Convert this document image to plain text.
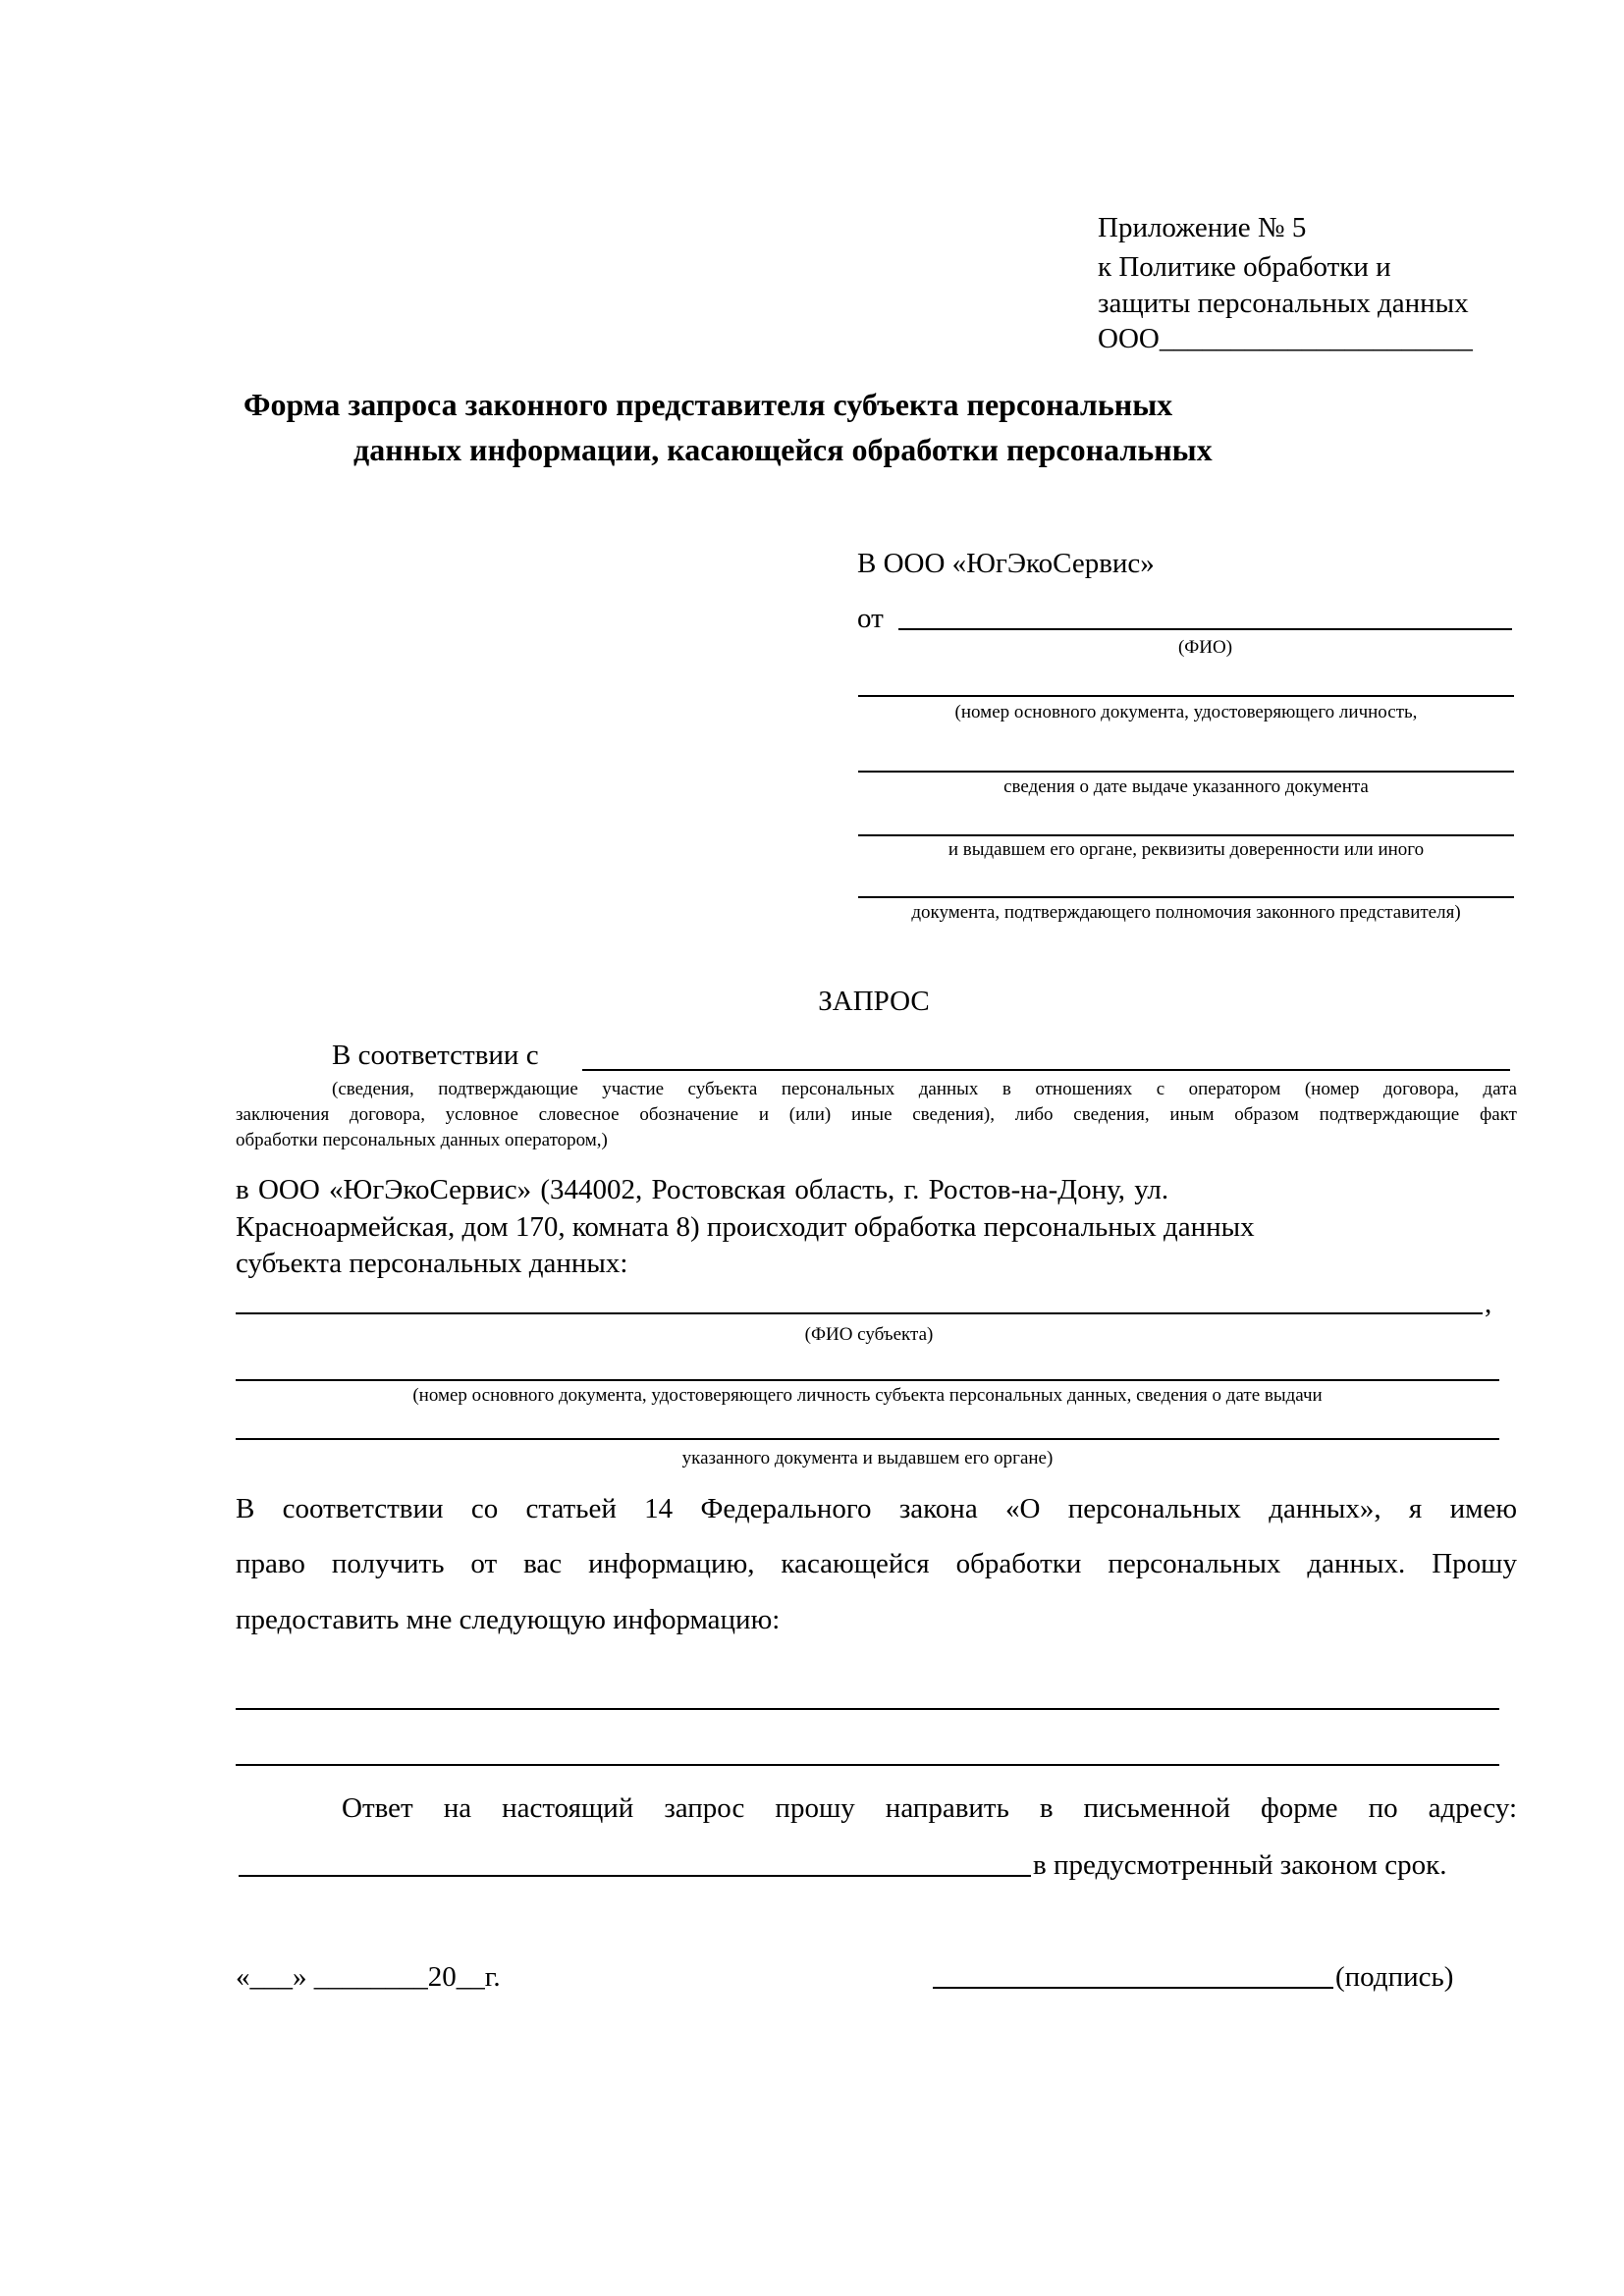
Приложение № 5
к Политике обработки и
защиты персональных данных
ООО______________________
Форма запроса законного представителя субъекта персональных
данных информации, касающейся обработки персональных
В ООО «ЮгЭкоСервис»
от
(ФИО)
(номер основного документа, удостоверяющего личность,
сведения о дате выдаче указанного документа
и выдавшем его органе, реквизиты доверенности или иного
документа, подтверждающего полномочия законного представителя)
ЗАПРОС
В соответствии с
(сведения, подтверждающие участие субъекта персональных данных в отношениях с оператором (номер договора, дата
заключения договора, условное словесное обозначение и (или) иные сведения), либо сведения, иным образом подтверждающие факт
обработки персональных данных оператором,)
в ООО «ЮгЭкоСервис» (344002, Ростовская область, г. Ростов-на-Дону, ул.
Красноармейская, дом 170, комната 8) происходит обработка персональных данных
субъекта персональных данных:
,
(ФИО субъекта)
(номер основного документа, удостоверяющего личность субъекта персональных данных, сведения о дате выдачи
указанного документа и выдавшем его органе)
В соответствии со статьей 14 Федерального закона «О персональных данных», я имею
право получить от вас информацию, касающейся обработки персональных данных. Прошу
предоставить мне следующую информацию:
Ответ на настоящий запрос прошу направить в письменной форме по адресу:
в предусмотренный законом срок.
«___» ________20__г.	(подпись)
